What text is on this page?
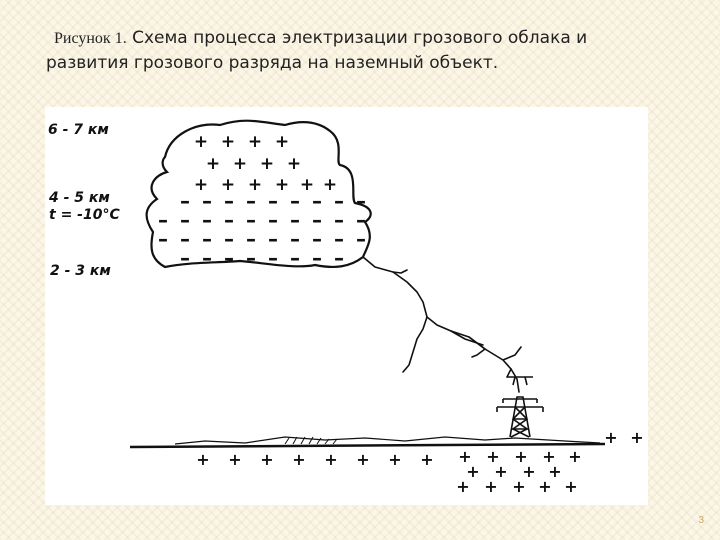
Рисунок 1. Схема процесса электризации грозового облака и развития грозового разряда на наземный объект.
6 - 7 км
4 - 5 км
t = -10°C
2 - 3 км
+ + + +
+ + + +
+ + + + + +
– – – – – – – – –
– – – – – – – – – –
– – – – – – – – – –
– – – – – – – –
+ + + + + + + + + + + + +
+ +
+ + + +
+ + + + +
3
